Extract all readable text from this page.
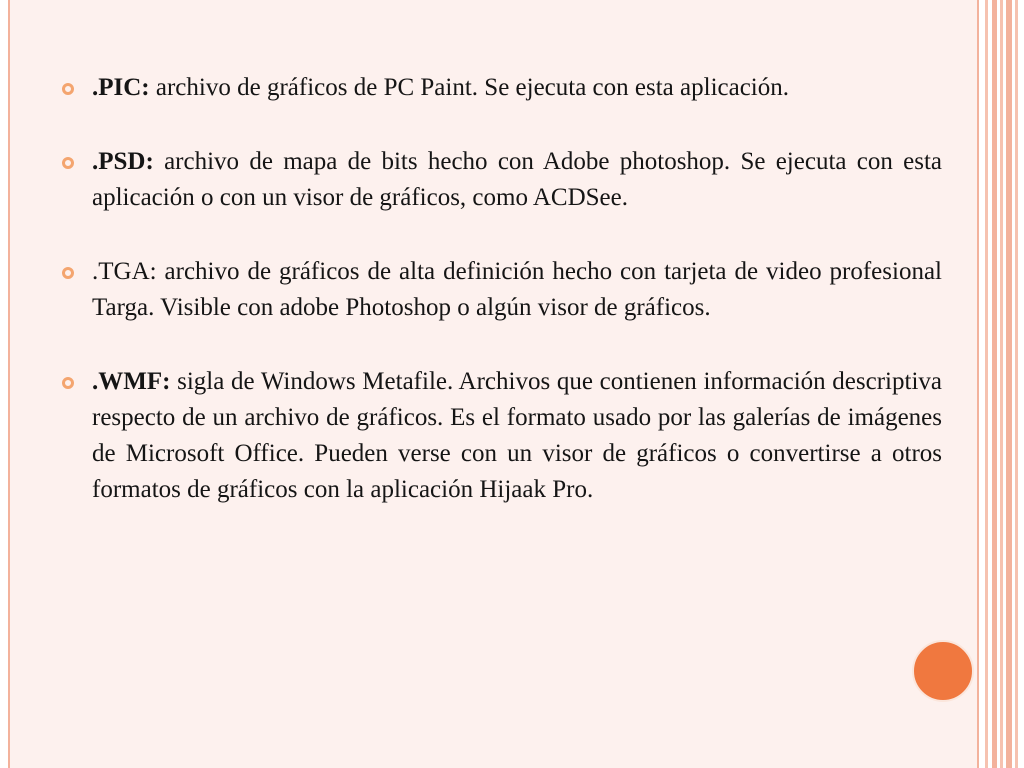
.PIC: archivo de gráficos de PC Paint. Se ejecuta con esta aplicación.
.PSD: archivo de mapa de bits hecho con Adobe photoshop. Se ejecuta con esta aplicación o con un visor de gráficos, como ACDSee.
.TGA: archivo de gráficos de alta definición hecho con tarjeta de video profesional Targa. Visible con adobe Photoshop o algún visor de gráficos.
.WMF: sigla de Windows Metafile. Archivos que contienen información descriptiva respecto de un archivo de gráficos. Es el formato usado por las galerías de imágenes de Microsoft Office. Pueden verse con un visor de gráficos o convertirse a otros formatos de gráficos con la aplicación Hijaak Pro.
